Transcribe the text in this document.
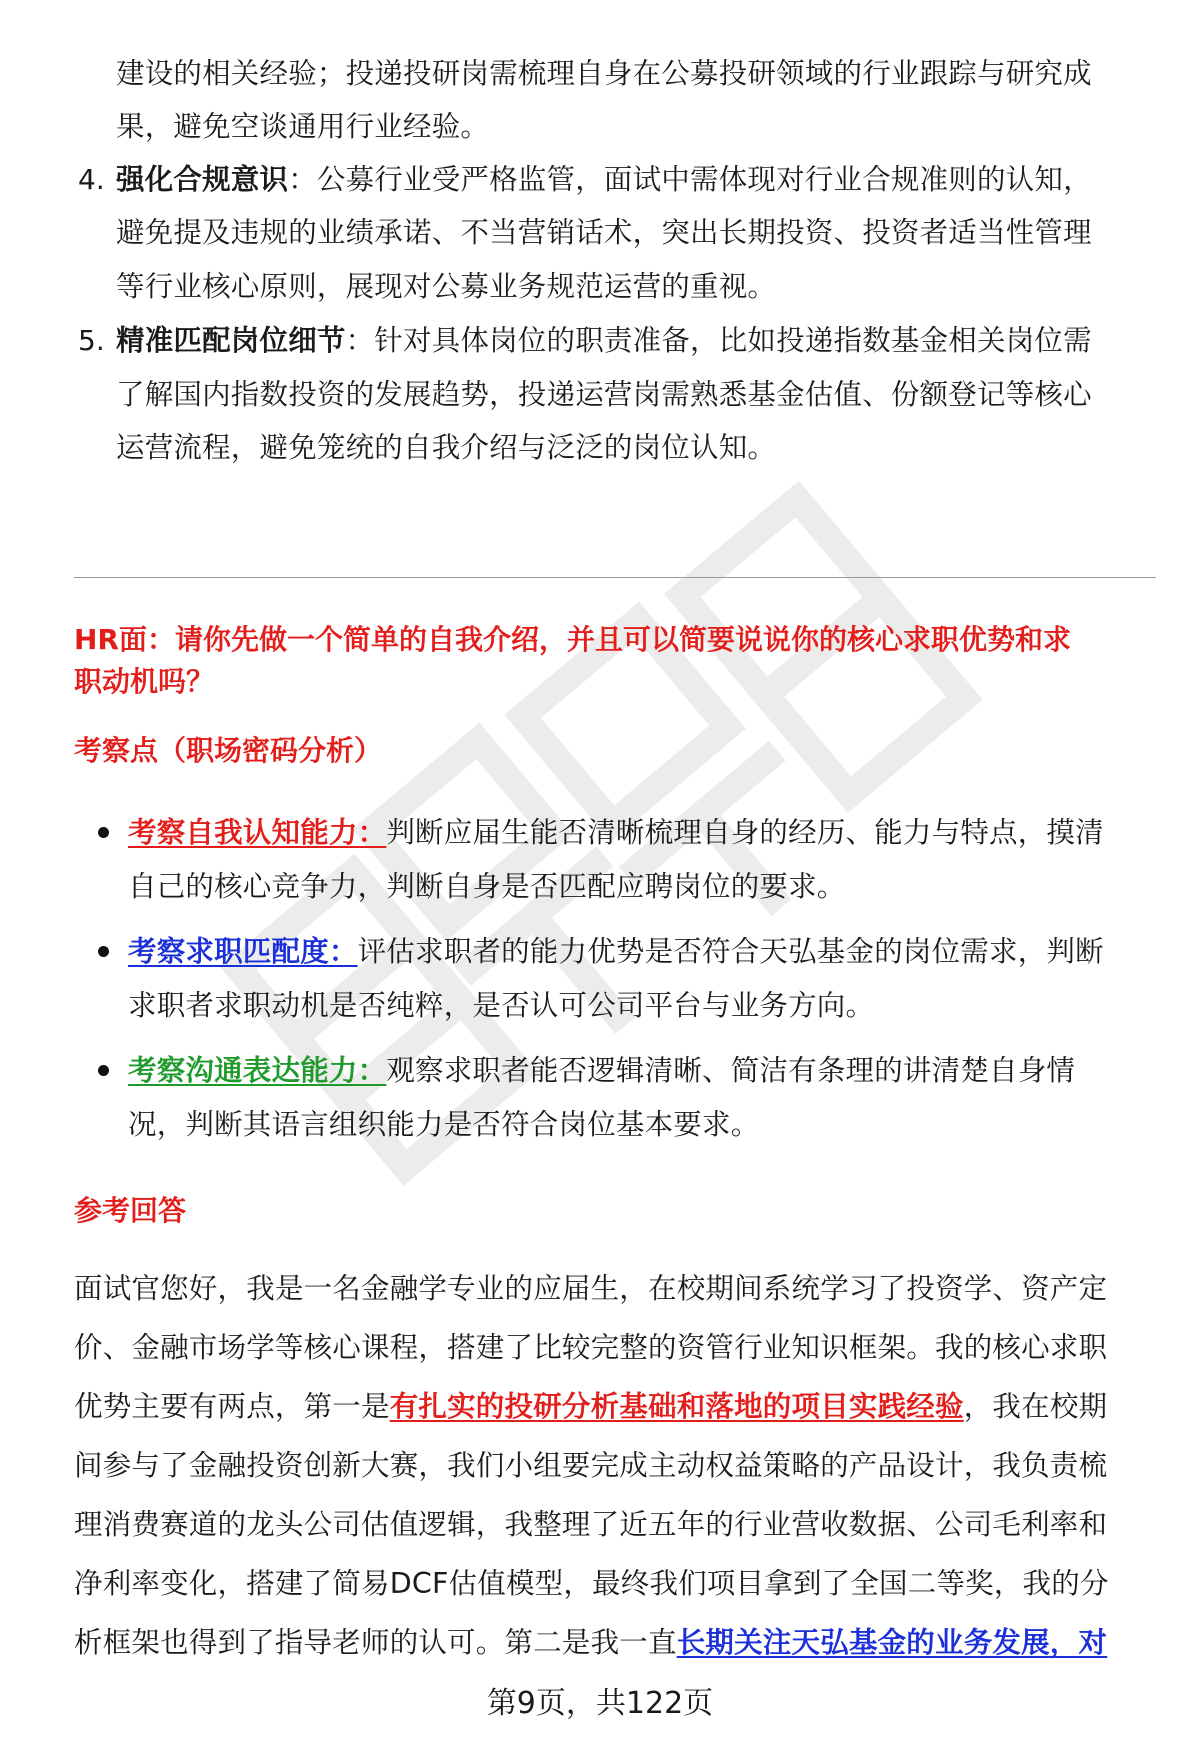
建设的相关经验；投递投研岗需梳理自身在公募投研领域的行业跟踪与研究成
果，避免空谈通用行业经验。
4. 强化合规意识：公募行业受严格监管，面试中需体现对行业合规准则的认知，
避免提及违规的业绩承诺、不当营销话术，突出长期投资、投资者适当性管理
等行业核心原则，展现对公募业务规范运营的重视。
5. 精准匹配岗位细节：针对具体岗位的职责准备，比如投递指数基金相关岗位需
了解国内指数投资的发展趋势，投递运营岗需熟悉基金估值、份额登记等核心
运营流程，避免笼统的自我介绍与泛泛的岗位认知。
HR面：请你先做一个简单的自我介绍，并且可以简要说说你的核心求职优势和求
职动机吗？
考察点（职场密码分析）
考察自我认知能力：判断应届生能否清晰梳理自身的经历、能力与特点，摸清
自己的核心竞争力，判断自身是否匹配应聘岗位的要求。
考察求职匹配度：评估求职者的能力优势是否符合天弘基金的岗位需求，判断
求职者求职动机是否纯粹，是否认可公司平台与业务方向。
考察沟通表达能力：观察求职者能否逻辑清晰、简洁有条理的讲清楚自身情
况，判断其语言组织能力是否符合岗位基本要求。
参考回答
面试官您好，我是一名金融学专业的应届生，在校期间系统学习了投资学、资产定
价、金融市场学等核心课程，搭建了比较完整的资管行业知识框架。我的核心求职
优势主要有两点，第一是有扎实的投研分析基础和落地的项目实践经验，我在校期
间参与了金融投资创新大赛，我们小组要完成主动权益策略的产品设计，我负责梳
理消费赛道的龙头公司估值逻辑，我整理了近五年的行业营收数据、公司毛利率和
净利率变化，搭建了简易DCF估值模型，最终我们项目拿到了全国二等奖，我的分
析框架也得到了指导老师的认可。第二是我一直长期关注天弘基金的业务发展，对
第9页，共122页
